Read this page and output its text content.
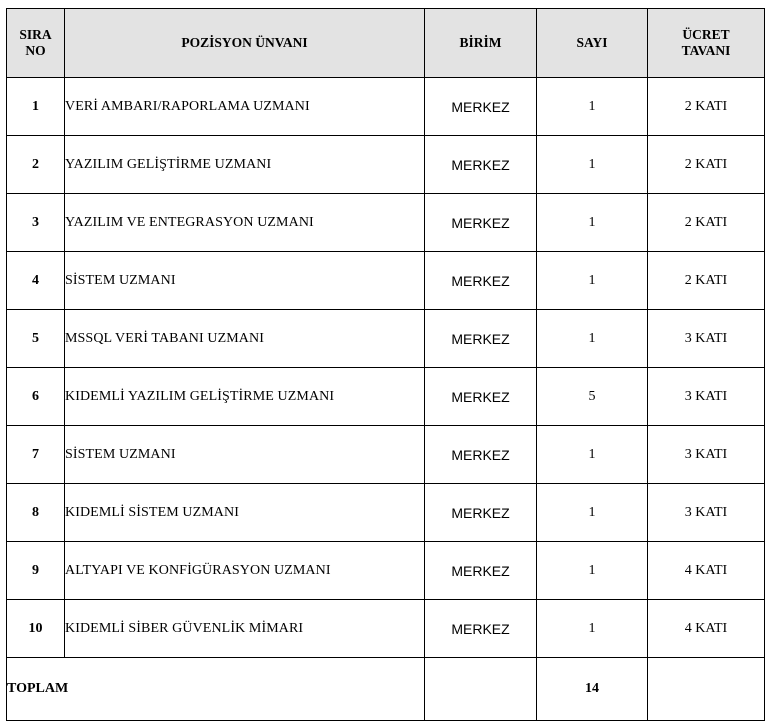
SIRA
NO	POZİSYON ÜNVANI	BİRİM	SAYI	ÜCRET
TAVANI
1	VERİ AMBARI/RAPORLAMA UZMANI	MERKEZ	1	2 KATI
2	YAZILIM GELİŞTİRME UZMANI	MERKEZ	1	2 KATI
3	YAZILIM VE ENTEGRASYON UZMANI	MERKEZ	1	2 KATI
4	SİSTEM UZMANI	MERKEZ	1	2 KATI
5	MSSQL VERİ TABANI UZMANI	MERKEZ	1	3 KATI
6	KIDEMLİ YAZILIM GELİŞTİRME UZMANI	MERKEZ	5	3 KATI
7	SİSTEM UZMANI	MERKEZ	1	3 KATI
8	KIDEMLİ SİSTEM UZMANI	MERKEZ	1	3 KATI
9	ALTYAPI VE KONFİGÜRASYON UZMANI	MERKEZ	1	4 KATI
10	KIDEMLİ SİBER GÜVENLİK MİMARI	MERKEZ	1	4 KATI
TOPLAM			14	
